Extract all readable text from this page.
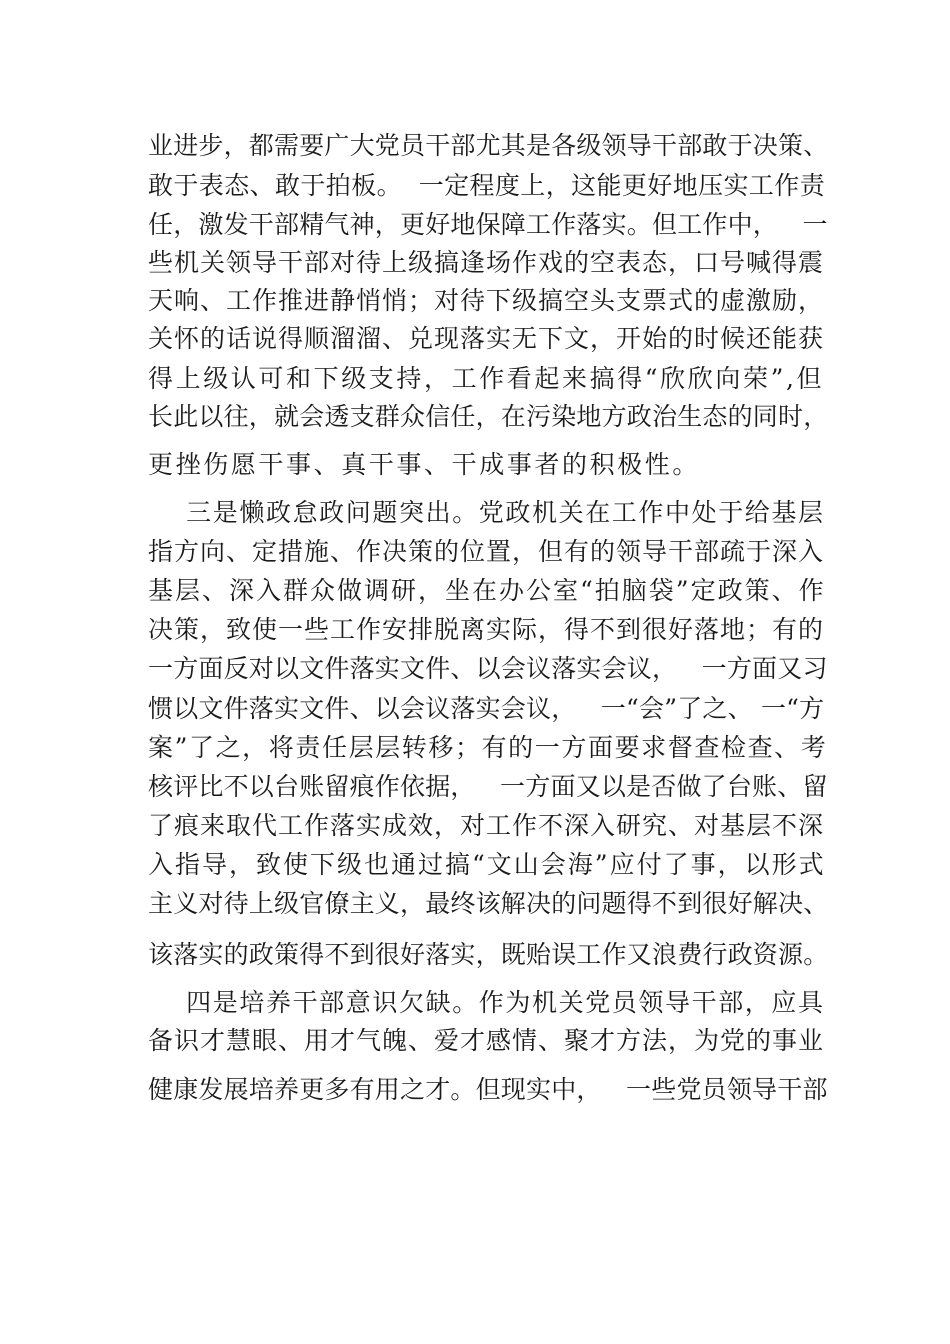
业进步，都需要广大党员干部尤其是各级领导干部敢于决策、

敢于表态、敢于拍板。  一定程度上，这能更好地压实工作责

任，激发干部精气神，更好地保障工作落实。但工作中，   一

些机关领导干部对待上级搞逢场作戏的空表态，口号喊得震

天响、工作推进静悄悄；对待下级搞空头支票式的虚激励，

关怀的话说得顺溜溜、兑现落实无下文，开始的时候还能获

得上级认可和下级支持，工作看起来搞得“欣欣向荣”,但

长此以往，就会透支群众信任，在污染地方政治生态的同时，

更挫伤愿干事、真干事、干成事者的积极性。

三是懒政怠政问题突出。党政机关在工作中处于给基层

指方向、定措施、作决策的位置，但有的领导干部疏于深入

基层、深入群众做调研，坐在办公室“拍脑袋”定政策、作

决策，致使一些工作安排脱离实际，得不到很好落地；有的

一方面反对以文件落实文件、以会议落实会议，   一方面又习

惯以文件落实文件、以会议落实会议，   一“会”了之、 一“方

案”了之，将责任层层转移；有的一方面要求督查检查、考

核评比不以台账留痕作依据，   一方面又以是否做了台账、留

了痕来取代工作落实成效，对工作不深入研究、对基层不深

入指导，致使下级也通过搞“文山会海”应付了事，以形式

主义对待上级官僚主义，最终该解决的问题得不到很好解决、

该落实的政策得不到很好落实，既贻误工作又浪费行政资源。

四是培养干部意识欠缺。作为机关党员领导干部，应具

备识才慧眼、用才气魄、爱才感情、聚才方法，为党的事业

健康发展培养更多有用之才。但现实中，   一些党员领导干部
